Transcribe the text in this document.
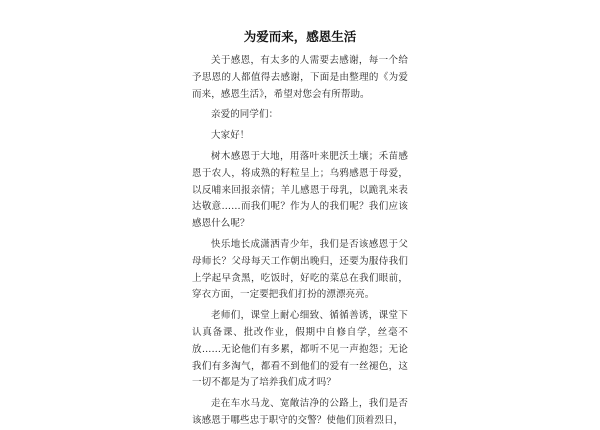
为爱而来，感恩生活

关于感恩，有太多的人需要去感谢，每一个给予思恩的人都值得去感谢，下面是由整理的《为爱而来，感恩生活》，希望对您会有所帮助。

亲爱的同学们：

大家好！

树木感恩于大地，用落叶来肥沃土壤；禾苗感恩于农人，将成熟的籽粒呈上；乌鸦感恩于母爱，以反哺来回报亲情；羊儿感恩于母乳，以跪乳来表达敬意……而我们呢？作为人的我们呢？我们应该感恩什么呢？

快乐地长成潇洒青少年，我们是否该感恩于父母师长？父母每天工作朝出晚归，还要为服侍我们上学起早贪黑，吃饭时，好吃的菜总在我们眼前，穿衣方面，一定要把我们打扮的漂漂亮亮。

老师们，课堂上耐心细致、循循善诱，课堂下认真备课、批改作业，假期中自修自学，丝毫不放……无论他们有多累，都听不见一声抱怨；无论我们有多淘气，都看不到他们的爱有一丝褪色，这一切不都是为了培养我们成才吗？

走在车水马龙、宽敞洁净的公路上，我们是否该感恩于哪些忠于职守的交警？使他们顶着烈日，
